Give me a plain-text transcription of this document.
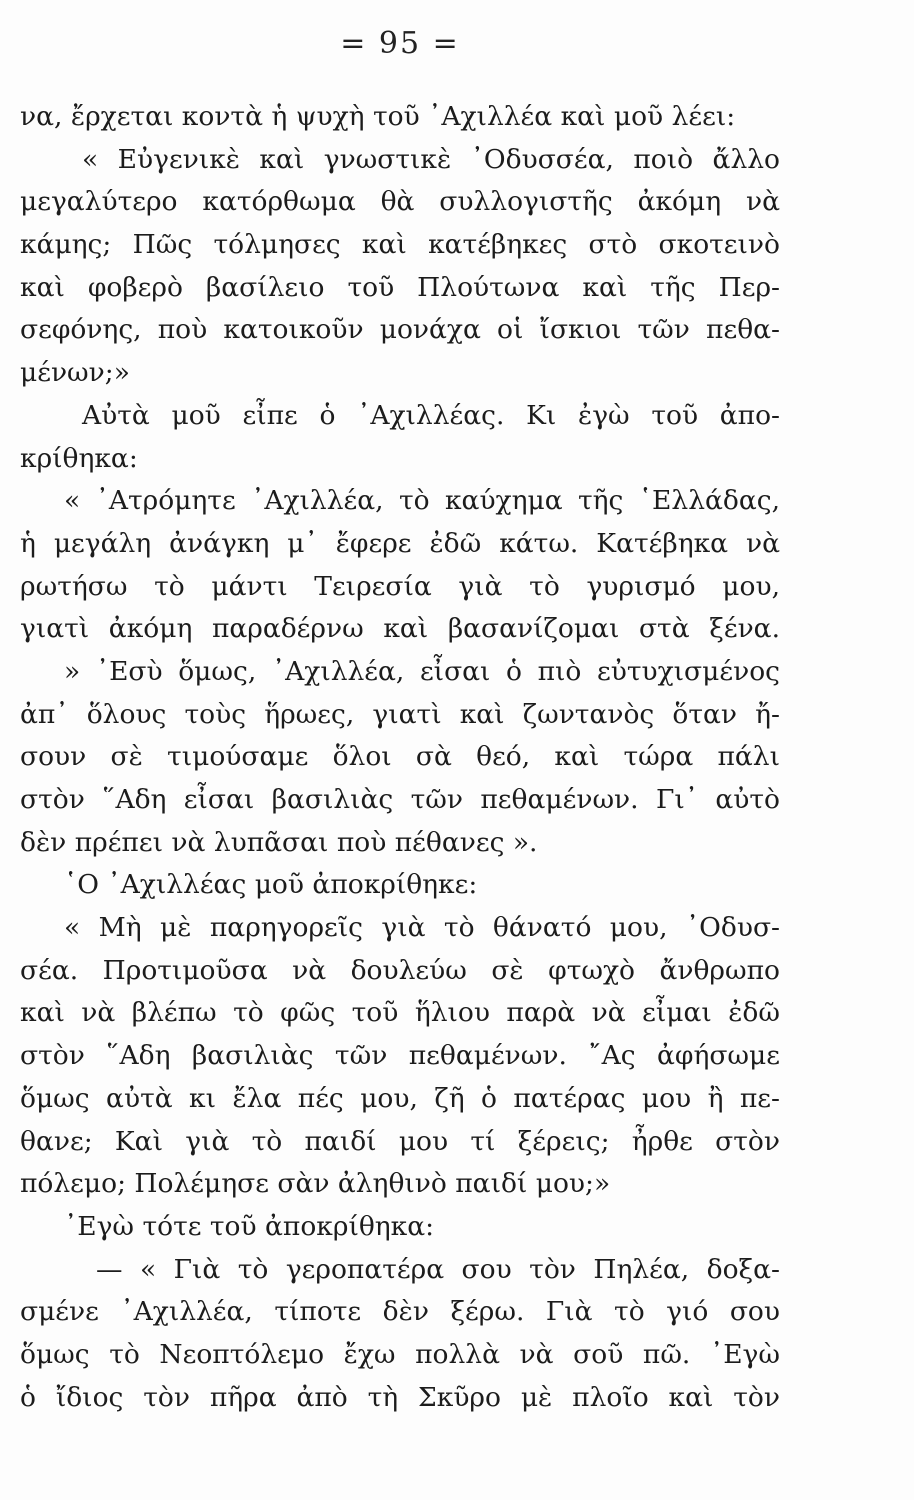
= 95 =
να, ἔρχεται κοντὰ ἡ ψυχὴ τοῦ ᾿Αχιλλέα καὶ μοῦ λέει:
« Εὐγενικὲ καὶ γνωστικὲ ᾿Οδυσσέα, ποιὸ ἄλλο
μεγαλύτερο κατόρθωμα θὰ συλλογιστῆς ἀκόμη νὰ
κάμης; Πῶς τόλμησες καὶ κατέβηκες στὸ σκοτεινὸ
καὶ φοβερὸ βασίλειο τοῦ Πλούτωνα καὶ τῆς Περ-
σεφόνης, ποὺ κατοικοῦν μονάχα οἱ ἴσκιοι τῶν πεθα-
μένων;»
Αὐτὰ μοῦ εἶπε ὁ ᾿Αχιλλέας. Κι ἐγὼ τοῦ ἀπο-
κρίθηκα:
« ᾿Ατρόμητε ᾿Αχιλλέα, τὸ καύχημα τῆς ῾Ελλάδας,
ἡ μεγάλη ἀνάγκη μ᾿ ἔφερε ἐδῶ κάτω. Κατέβηκα νὰ
ρωτήσω τὸ μάντι Τειρεσία γιὰ τὸ γυρισμό μου,
γιατὶ ἀκόμη παραδέρνω καὶ βασανίζομαι στὰ ξένα.
» ᾿Εσὺ ὅμως, ᾿Αχιλλέα, εἶσαι ὁ πιὸ εὐτυχισμένος
ἀπ᾿ ὅλους τοὺς ἥρωες, γιατὶ καὶ ζωντανὸς ὅταν ἤ-
σουν σὲ τιμούσαμε ὅλοι σὰ θεό, καὶ τώρα πάλι
στὸν ῞Αδη εἶσαι βασιλιὰς τῶν πεθαμένων. Γι᾿ αὐτὸ
δὲν πρέπει νὰ λυπᾶσαι ποὺ πέθανες ».
῾Ο ᾿Αχιλλέας μοῦ ἀποκρίθηκε:
« Μὴ μὲ παρηγορεῖς γιὰ τὸ θάνατό μου, ᾿Οδυσ-
σέα. Προτιμοῦσα νὰ δουλεύω σὲ φτωχὸ ἄνθρωπο
καὶ νὰ βλέπω τὸ φῶς τοῦ ἥλιου παρὰ νὰ εἶμαι ἐδῶ
στὸν ῞Αδη βασιλιὰς τῶν πεθαμένων. ῎Ας ἀφήσωμε
ὅμως αὐτὰ κι ἔλα πές μου, ζῆ ὁ πατέρας μου ἢ πε-
θανε; Καὶ γιὰ τὸ παιδί μου τί ξέρεις; ἦρθε στὸν
πόλεμο; Πολέμησε σὰν ἀληθινὸ παιδί μου;»
᾿Εγὼ τότε τοῦ ἀποκρίθηκα:
— « Γιὰ τὸ γεροπατέρα σου τὸν Πηλέα, δοξα-
σμένε ᾿Αχιλλέα, τίποτε δὲν ξέρω. Γιὰ τὸ γιό σου
ὅμως τὸ Νεοπτόλεμο ἔχω πολλὰ νὰ σοῦ πῶ. ᾿Εγὼ
ὁ ἴδιος τὸν πῆρα ἀπὸ τὴ Σκῦρο μὲ πλοῖο καὶ τὸν
